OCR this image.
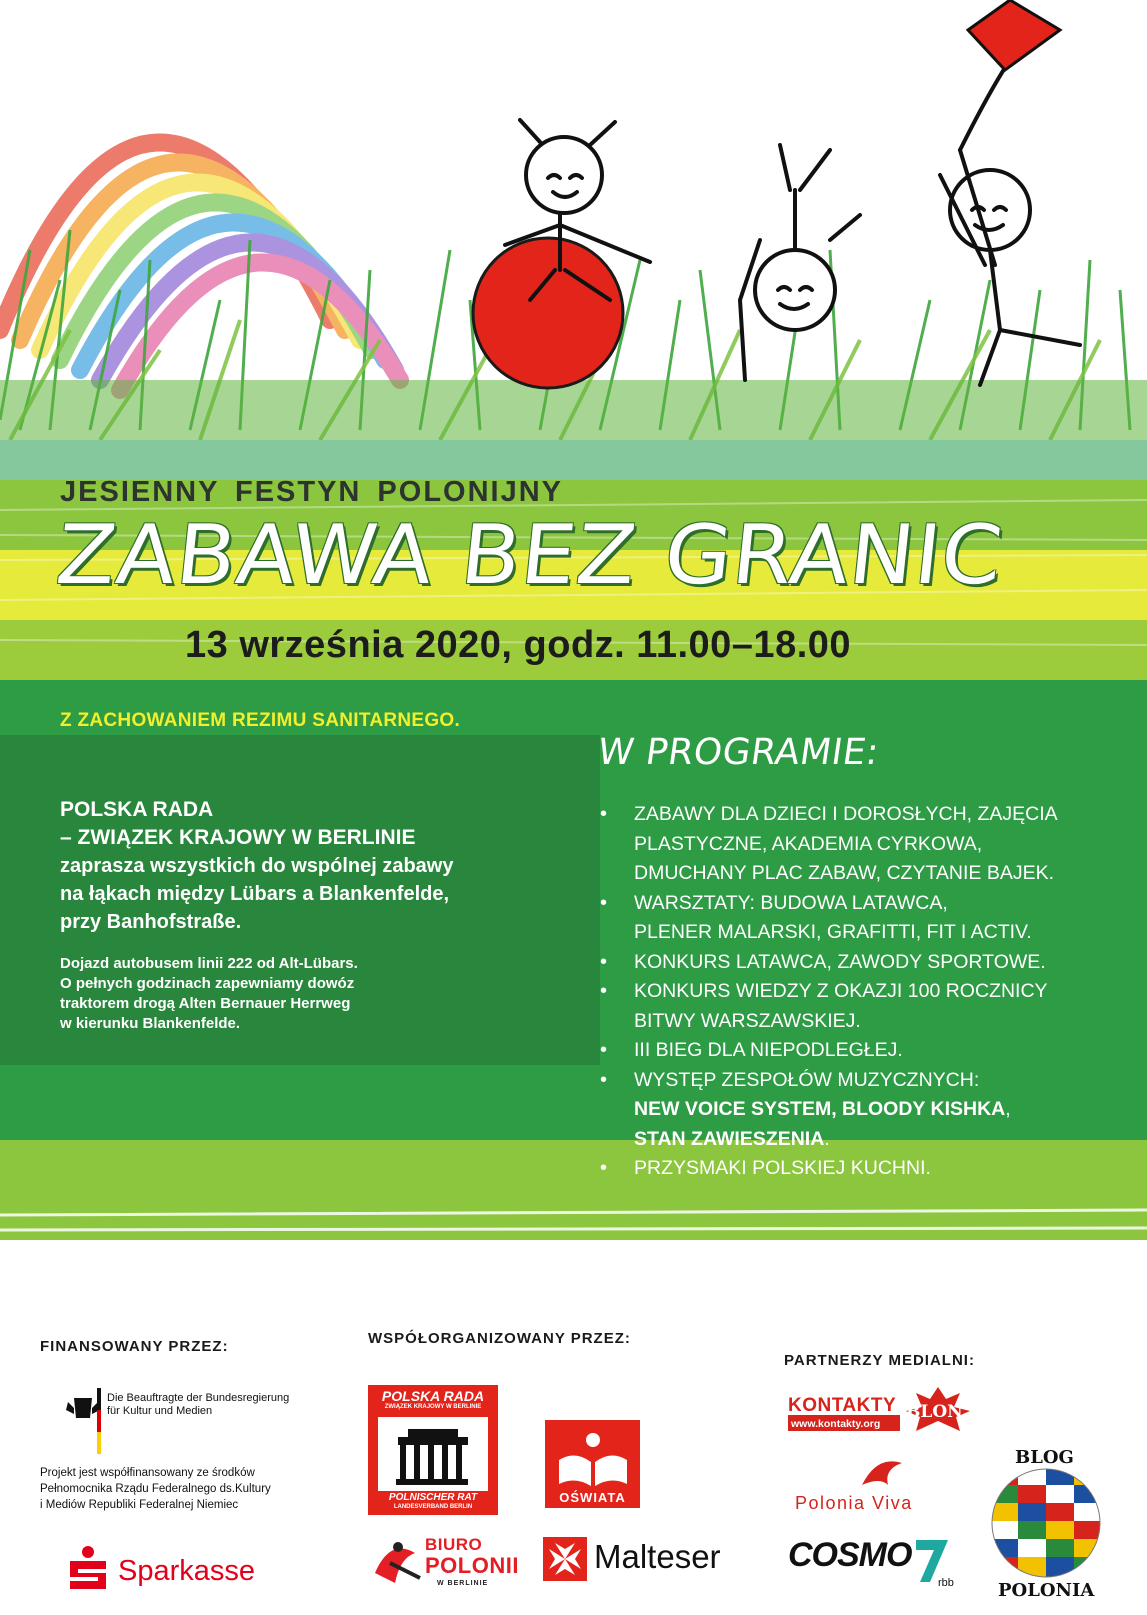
JESIENNY FESTYN POLONIJNY
ZABAWA BEZ GRANIC
13 września 2020, godz. 11.00–18.00
Z ZACHOWANIEM REZIMU SANITARNEGO.
W PROGRAMIE:
POLSKA RADA
– ZWIĄZEK KRAJOWY W BERLINIE
zaprasza wszystkich do wspólnej zabawy
na łąkach między Lübars a Blankenfelde,
przy Banhofstraße.
Dojazd autobusem linii 222 od Alt-Lübars.
O pełnych godzinach zapewniamy dowóz
traktorem drogą Alten Bernauer Herrweg
w kierunku Blankenfelde.
• ZABAWY DLA DZIECI I DOROSŁYCH, ZAJĘCIA
PLASTYCZNE, AKADEMIA CYRKOWA,
DMUCHANY PLAC ZABAW, CZYTANIE BAJEK.
• WARSZTATY: BUDOWA LATAWCA,
PLENER MALARSKI, GRAFITTI, FIT I ACTIV.
• KONKURS LATAWCA, ZAWODY SPORTOWE.
• KONKURS WIEDZY Z OKAZJI 100 ROCZNICY
BITWY WARSZAWSKIEJ.
• III BIEG DLA NIEPODLEGŁEJ.
• WYSTĘP ZESPOŁÓW MUZYCZNYCH:
NEW VOICE SYSTEM, BLOODY KISHKA,
STAN ZAWIESZENIA.
• PRZYSMAKI POLSKIEJ KUCHNI.
FINANSOWANY PRZEZ:	WSPÓŁORGANIZOWANY PRZEZ:
PARTNERZY MEDIALNI:
Die Beauftragte der Bundesregierung
für Kultur und Medien
Projekt jest współfinansowany ze środków
Pełnomocnika Rządu Federalnego ds.Kultury
i Mediów Republiki Federalnej Niemiec
Sparkasse
POLSKA RADA
ZWIĄZEK KRAJOWY W BERLINIE
POLNISCHER RAT
LANDESVERBAND BERLIN
OŚWIATA
BIURO
POLONII
W BERLINIE
Malteser
KONTAKTY
www.kontakty.org
BLON
Polonia Viva
COSMO
rbb
BLOG
POLONIA
